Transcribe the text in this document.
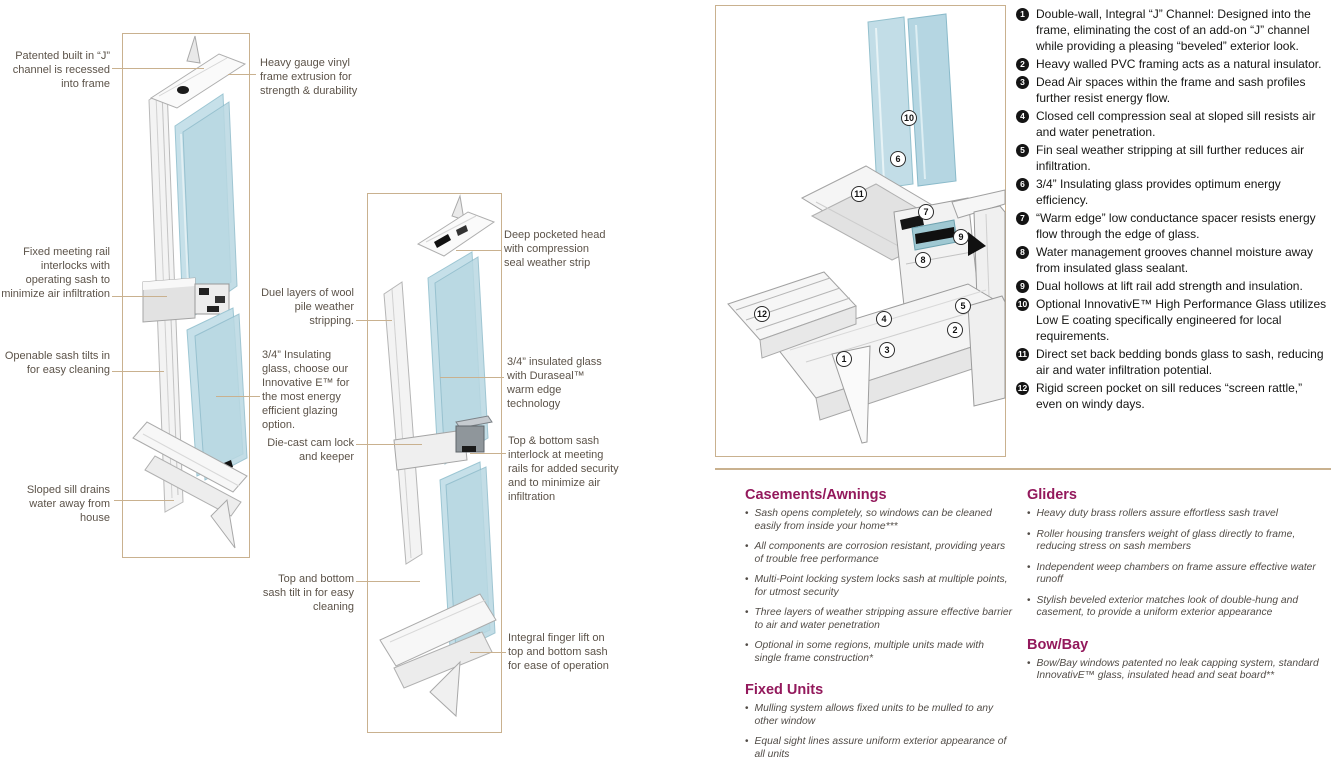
1
2
3
4
5
6
7
8
9
10
11
12
Patented built in “J” channel is recessed into frame
Heavy gauge vinyl frame extrusion for strength & durability
Fixed meeting rail interlocks with operating sash to minimize air infiltration
Openable sash tilts in for easy cleaning
Sloped sill drains water away from house
Duel layers of wool pile weather stripping.
3/4” Insulating glass, choose our Innovative E™ for the most energy efficient glazing option.
Die-cast cam lock and keeper
Top and bottom sash tilt in for easy cleaning
Integral finger lift on top and bottom sash for ease of operation
Deep pocketed head with compression seal weather strip
3/4” insulated glass with Duraseal™ warm edge technology
Top & bottom sash interlock at meeting rails for added security and to minimize air infiltration
1 Double-wall, Integral “J” Channel: Designed into the frame, eliminating the cost of an add-on “J” channel while providing a pleasing “beveled” exterior look.
2 Heavy walled PVC framing acts as a natural insulator.
3 Dead Air spaces within the frame and sash profiles further resist energy flow.
4 Closed cell compression seal at sloped sill resists air and water penetration.
5 Fin seal weather stripping at sill further reduces air infiltration.
6 3/4” Insulating glass provides optimum energy efficiency.
7 “Warm edge” low conductance spacer resists energy flow through the edge of glass.
8 Water management grooves channel moisture away from insulated glass sealant.
9 Dual hollows at lift rail add strength and insulation.
10 Optional InnovativE™ High Performance Glass utilizes Low E coating specifically engineered for local requirements.
11 Direct set back bedding bonds glass to sash, reducing air and water infiltration potential.
12 Rigid screen pocket on sill reduces “screen rattle,” even on windy days.
Casements/Awnings
• Sash opens completely, so windows can be cleaned easily from inside your home***
• All components are corrosion resistant, providing years of trouble free performance
• Multi-Point locking system locks sash at multiple points, for utmost security
• Three layers of weather stripping assure effective barrier to air and water penetration
• Optional in some regions, multiple units made with single frame construction*
Fixed Units
• Mulling system allows fixed units to be mulled to any other window
• Equal sight lines assure uniform exterior appearance of all units
Gliders
• Heavy duty brass rollers assure effortless sash travel
• Roller housing transfers weight of glass directly to frame, reducing stress on sash members
• Independent weep chambers on frame assure effective water runoff
• Stylish beveled exterior matches look of double-hung and casement, to provide a uniform exterior appearance
Bow/Bay
• Bow/Bay windows patented no leak capping system, standard InnovativE™ glass, insulated head and seat board**
